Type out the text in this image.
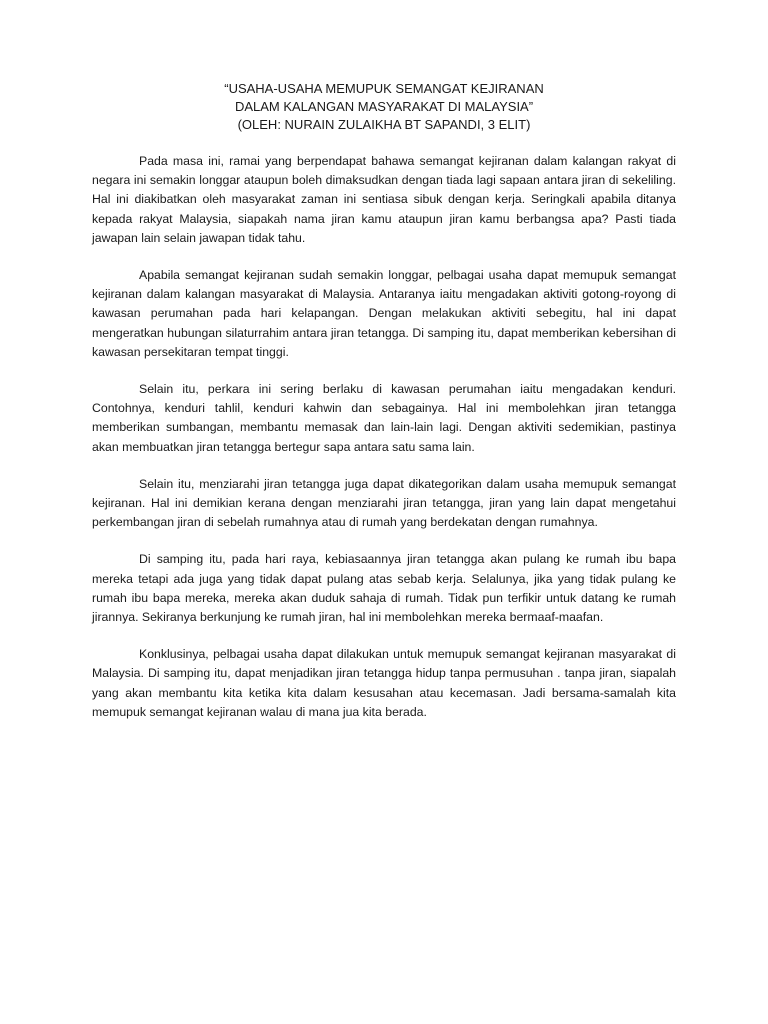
“USAHA-USAHA MEMUPUK SEMANGAT KEJIRANAN
DALAM KALANGAN MASYARAKAT DI MALAYSIA”
(OLEH: NURAIN ZULAIKHA BT SAPANDI, 3 ELIT)

Pada masa ini, ramai yang berpendapat bahawa semangat kejiranan dalam kalangan rakyat di negara ini semakin longgar ataupun boleh dimaksudkan dengan tiada lagi sapaan antara jiran di sekeliling. Hal ini diakibatkan oleh masyarakat zaman ini sentiasa sibuk dengan kerja. Seringkali apabila ditanya kepada rakyat Malaysia, siapakah nama jiran kamu ataupun jiran kamu berbangsa apa? Pasti tiada jawapan lain selain jawapan tidak tahu.

Apabila semangat kejiranan sudah semakin longgar, pelbagai usaha dapat memupuk semangat kejiranan dalam kalangan masyarakat di Malaysia. Antaranya iaitu mengadakan aktiviti gotong-royong di kawasan perumahan pada hari kelapangan. Dengan melakukan aktiviti sebegitu, hal ini dapat mengeratkan hubungan silaturrahim antara jiran tetangga. Di samping itu, dapat memberikan kebersihan di kawasan persekitaran tempat tinggi.

Selain itu, perkara ini sering berlaku di kawasan perumahan iaitu mengadakan kenduri. Contohnya, kenduri tahlil, kenduri kahwin dan sebagainya. Hal ini membolehkan jiran tetangga memberikan sumbangan, membantu memasak dan lain-lain lagi. Dengan aktiviti sedemikian, pastinya akan membuatkan jiran tetangga bertegur sapa antara satu sama lain.

Selain itu, menziarahi jiran tetangga juga dapat dikategorikan dalam usaha memupuk semangat kejiranan. Hal ini demikian kerana dengan menziarahi jiran tetangga, jiran yang lain dapat mengetahui perkembangan jiran di sebelah rumahnya atau di rumah yang berdekatan dengan rumahnya.

Di samping itu, pada hari raya, kebiasaannya jiran tetangga akan pulang ke rumah ibu bapa mereka tetapi ada juga yang tidak dapat pulang atas sebab kerja. Selalunya, jika yang tidak pulang ke rumah ibu bapa mereka, mereka akan duduk sahaja di rumah. Tidak pun terfikir untuk datang ke rumah jirannya. Sekiranya berkunjung ke rumah jiran, hal ini membolehkan mereka bermaaf-maafan.

Konklusinya, pelbagai usaha dapat dilakukan untuk memupuk semangat kejiranan masyarakat di Malaysia. Di samping itu, dapat menjadikan jiran tetangga hidup tanpa permusuhan . tanpa jiran, siapalah yang akan membantu kita ketika kita dalam kesusahan atau kecemasan. Jadi bersama-samalah kita memupuk semangat kejiranan walau di mana jua kita berada.
